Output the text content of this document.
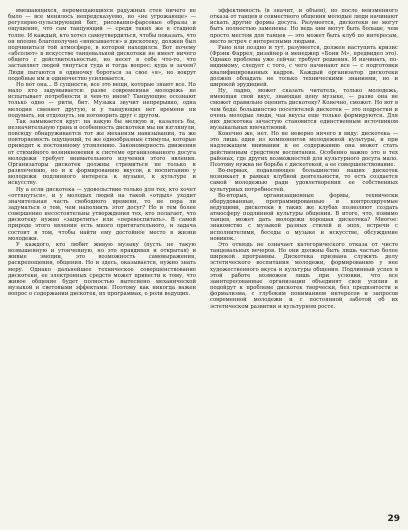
вмешающихся, перемещающихся радужных стен ничего не было — все менялось непредсказуемо, но «не угрожающе» — регулярно-пульсирующий бит, рисованно-фарсовые образы и ощущение, что сам танцующий — среди таких же в стадной толпе. И каждый, кто хотел самоутвердиться, чтобы показать, что он вполне благополучно «вписывается» в дискотеку, должен был подчиниться той атмосфере, в которой находился. Вот почему «абсолют» в искусстве танцевальной дискотеки не имеет ничего общего с действительностью, но несет в себе что-то, что заставляет людей тянуться туда и тогда вопрос: куда и зачем? Люди пытаются в одиночку бороться за свое «я», но вокруг подобные им и одиночество усиливается.

Но вот она... В сущности, все это вещи, которые знают все. Но мало кто задумывается: разве современная молодежь не испытывает потребности в чем-то ином? Танцующие осознают только одно — ритм, бит. Музыка звучит непрерывно, одна мелодия сменяет другую, и у танцующих нет времени ни подумать, ни отдохнуть, ни поговорить друг с другом.

Так замыкается круг: на какую бы мелкую и, казалось бы, незначительную грань и особенность дискотеки мы ни взглянули, повсюду обнаруживается тот же механизм навязывания, та же повторяемость ощущений, те же однообразные стимулы, которые приводят к постоянному утомлению. Закономерность движения от стихийного возникновения к системе организованного досуга молодежи требует внимательного изучения этого явления. Организаторы дискотек должны стремиться не только к развлечению, но и к формированию вкусов, к воспитанию у молодежи подлинного интереса к музыке, к культуре и искусству.

Ну а если дискотека — удовольствие только для тех, кто хочет «оттянуться», и у молодых людей на такой «отдых» уходит значительная часть свободного времени, то не пора ли задуматься о том, чем наполнить этот досуг? Но и тем более совершенно несостоятельны утверждения тех, кто полагает, что дискотеку нужно «запретить» или «перевоспитать». В самой природе этого явления есть много притягательного, и задача состоит в том, чтобы найти ему достойное место в жизни молодежи.

У каждого, кто любит живую музыку (пусть не такую возвышенную и утонченную, но это правдивая и открытая) и живые эмоции, это возможность самовыражения, раскрепощения, общения. Но и здесь, оказывается, нужно знать меру. Однако дальнейшее техническое совершенствование дискотеки, ее электронных средств может привести к тому, что живое общение будет полностью вытеснено механической музыкой и световыми эффектами. Поэтому как никогда важен вопрос о содержании дискотек, их программах, о роли ведущих.

эффективность (в значит, и объем), но после неизменного отказа от танцев и совместного общения молодые люди начинают искать другие формы досуга. Разумеется, дискотеки не могут быть полностью заменены. Но ведь они могут быть больше, чем просто местом для танцев — это может быть клуб по интересам, место встреч с интересными людьми.

Рано или поздно и тут, разумеется, должен наступить кризис (Фрэнк Фаррел, дизайнер и менеджер «Бони М», предвидел это). Однако проблема уже сейчас требует решения. И начинать, по-видимому, следует с того, с чего начинают все — с подготовки квалифицированных кадров. Каждый организатор дискотеки должен обладать не только техническими знаниями, но и широкой эрудицией.

Ну, ладно, может сказать читатель, только молодежь, имеющая свой вкус, знающая цену музыке, — разве она не сможет правильно оценить дискотеку? Конечно, сможет. Но вот в чем беда: большинство посетителей дискотек — это подростки и очень молодые люди, чьи вкусы еще только формируются. Для них дискотека зачастую становится единственным источником музыкальных впечатлений.

Конечно же, нет. Но не неверно ничего в виду: дискотека — это лишь один из компонентов молодежной культуры, и при надлежащем внимании к ее содержанию она может стать действенным средством воспитания. Особенно важно это в тех районах, где других возможностей для культурного досуга мало. Поэтому нужна не борьба с дискотекой, а ее совершенствование.

Во-первых, подавляющее большинство наших дискотек возникает в рамках клубной деятельности, то есть создается самой молодежью ради удовлетворения ее собственных культурных потребностей.

Во-вторых, организационные формы, технически оборудованные, программированные и контролируемые ведущими, дискотеки в таких же клубах позволяют создать атмосферу подлинной культуры общения. В итоге, что, помимо танцев, может дать молодежи хорошая дискотека? Многое: знакомство с музыкой разных стилей и эпох, встречи с исполнителями, беседы о музыке и искусстве, обсуждение новинок.

Это отнюдь не означает категорического отказа от чисто танцевальных вечеров. Но они должны быть лишь частью более широкой программы. Дискотека призвана служить делу эстетического воспитания молодежи, формированию у нее художественного вкуса и культуры общения. Подлинный успех в этой работе возможен лишь при условии, что все заинтересованные организации объединят свои усилия и подойдут к проблеме дискотек творчески, без предвзятости и формализма, с глубоким пониманием интересов и запросов современной молодежи и с постоянной заботой об их эстетическом развитии и культурном росте.

29
